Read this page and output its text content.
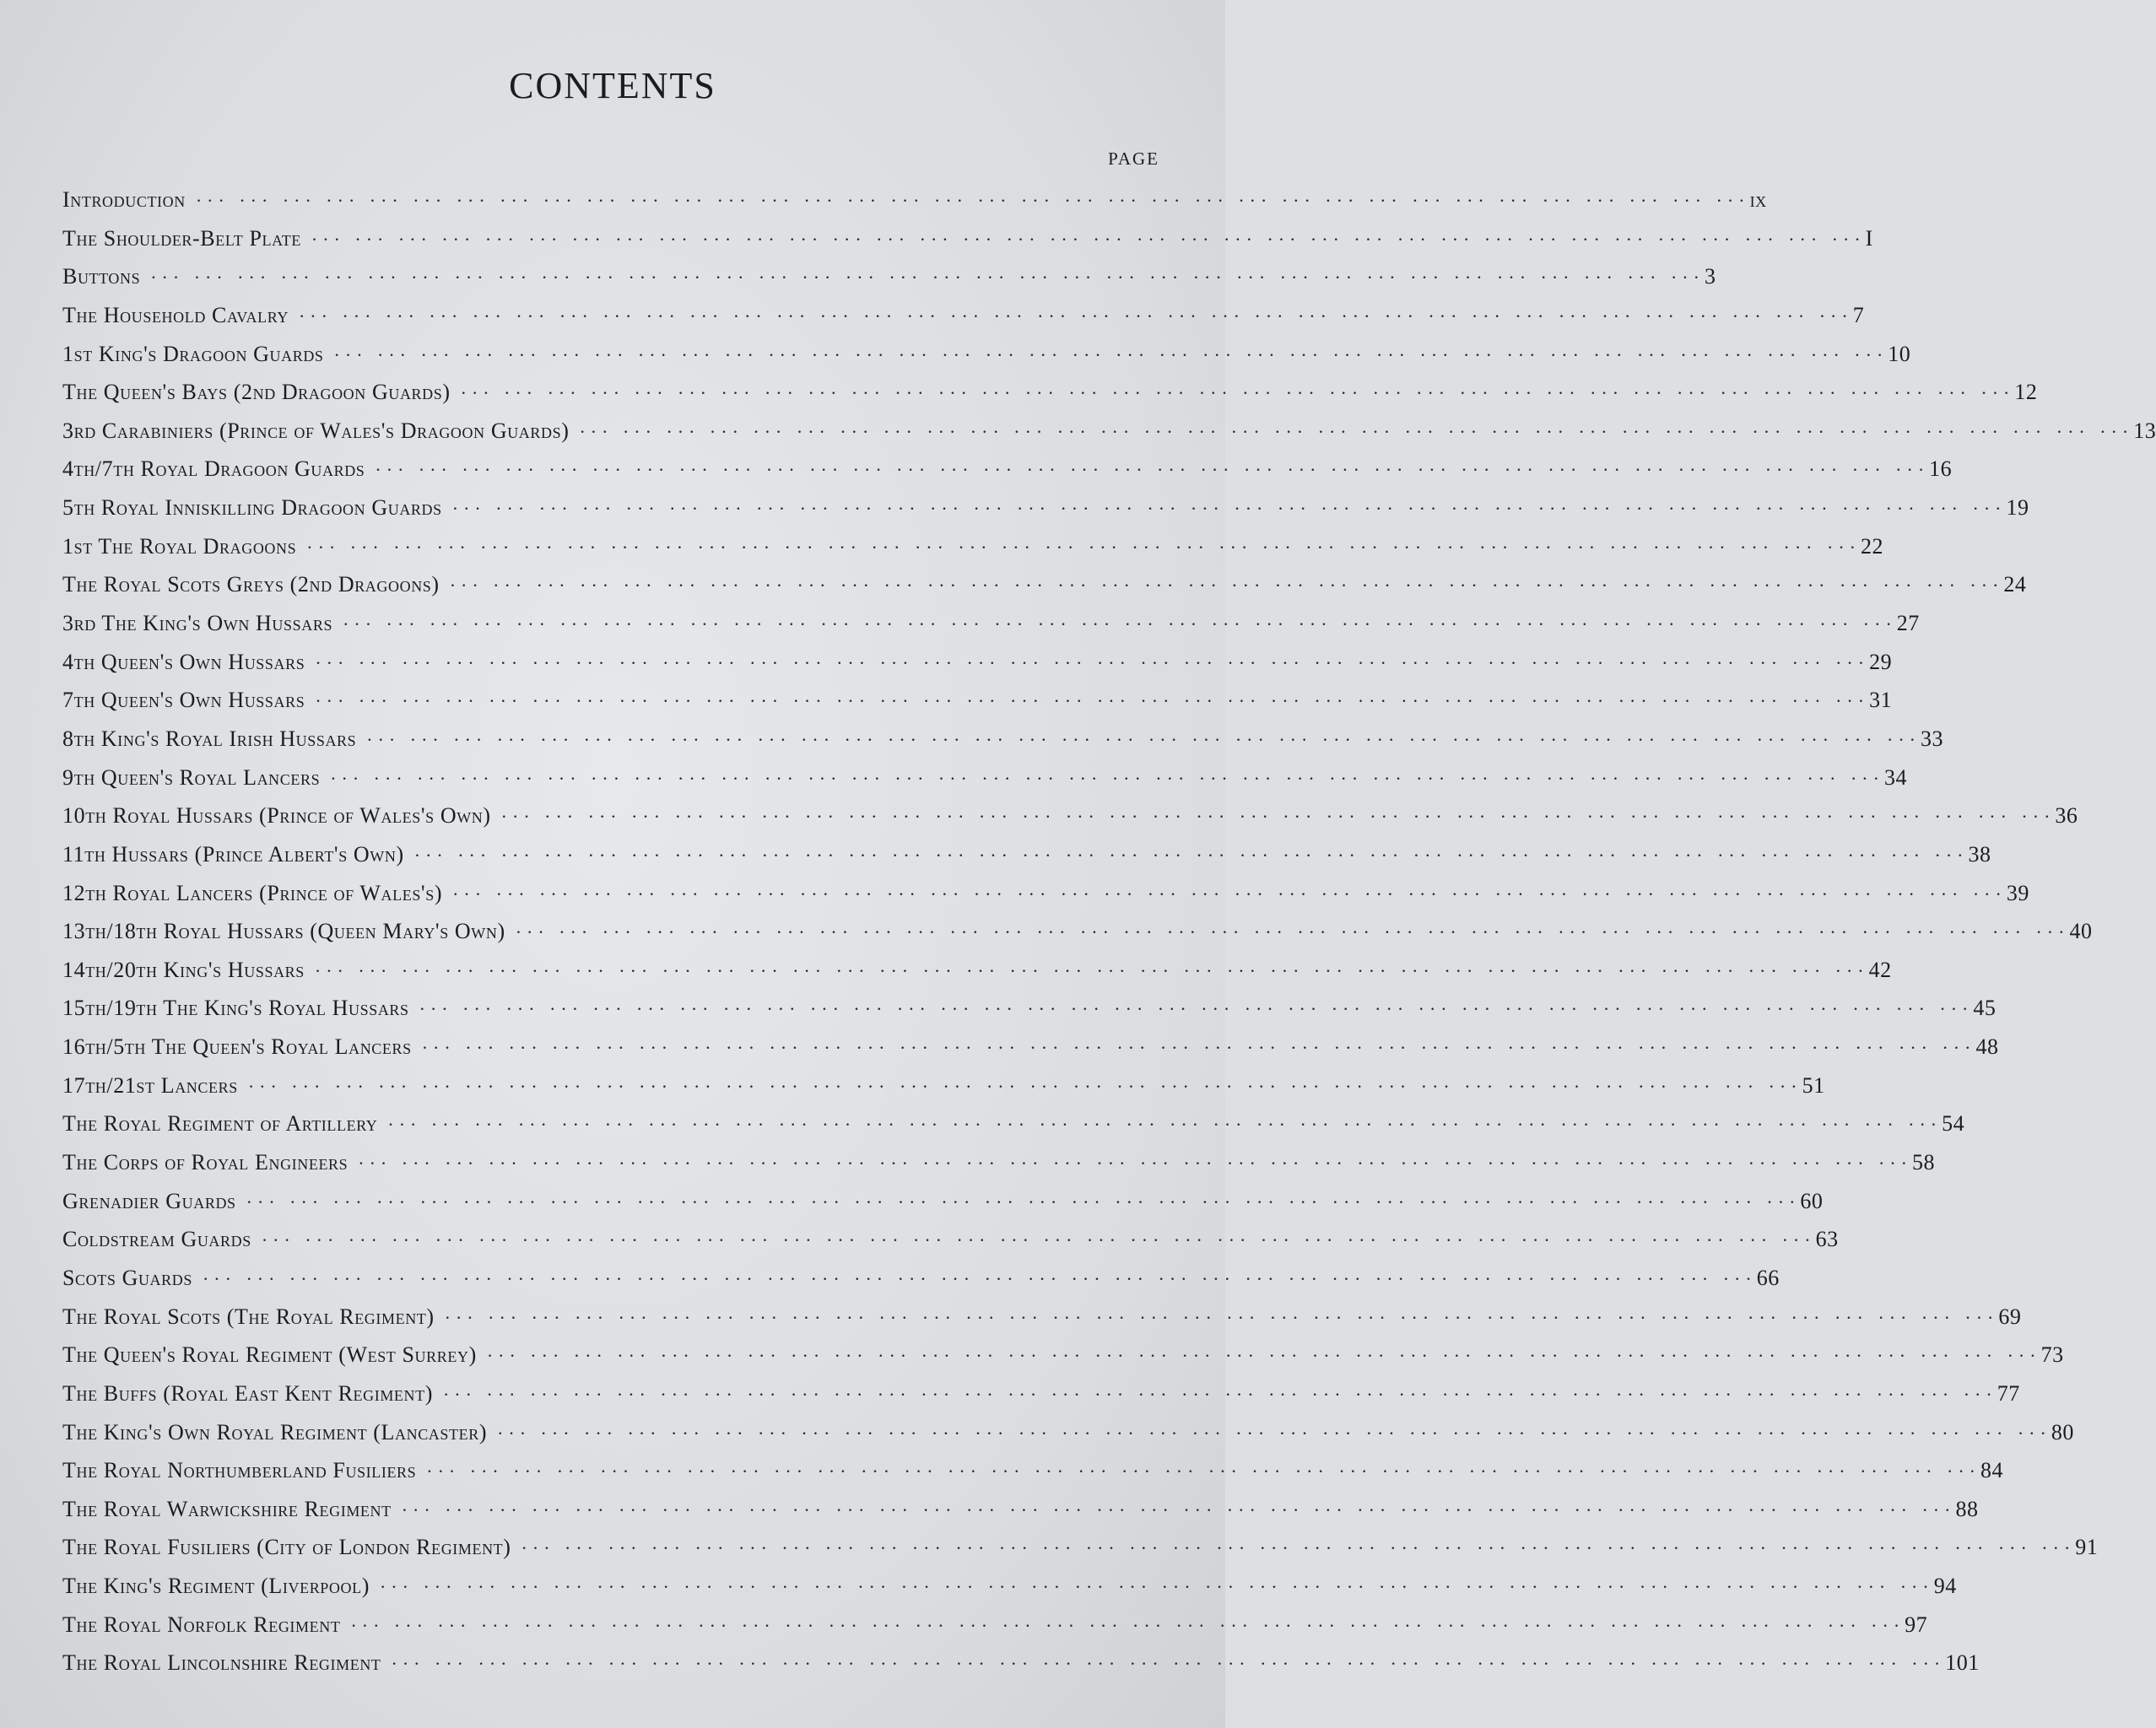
CONTENTS
PAGE
Introduction ··· ··· ··· ··· ··· ··· ··· ··· ··· ··· ··· ··· ··· ··· ··· ··· ··· ··· ··· ··· ··· ··· ··· ··· ··· ··· ··· ··· ··· ··· ··· ··· ··· ··· ··· ··· ix
The Shoulder-Belt Plate ··· ··· ··· ··· ··· ··· ··· ··· ··· ··· ··· ··· ··· ··· ··· ··· ··· ··· ··· ··· ··· ··· ··· ··· ··· ··· ··· ··· ··· ··· ··· ··· ··· ··· ··· ··· I
Buttons ··· ··· ··· ··· ··· ··· ··· ··· ··· ··· ··· ··· ··· ··· ··· ··· ··· ··· ··· ··· ··· ··· ··· ··· ··· ··· ··· ··· ··· ··· ··· ··· ··· ··· ··· ··· 3
The Household Cavalry ··· ··· ··· ··· ··· ··· ··· ··· ··· ··· ··· ··· ··· ··· ··· ··· ··· ··· ··· ··· ··· ··· ··· ··· ··· ··· ··· ··· ··· ··· ··· ··· ··· ··· ··· ··· 7
1st King's Dragoon Guards ··· ··· ··· ··· ··· ··· ··· ··· ··· ··· ··· ··· ··· ··· ··· ··· ··· ··· ··· ··· ··· ··· ··· ··· ··· ··· ··· ··· ··· ··· ··· ··· ··· ··· ··· ··· 10
The Queen's Bays (2nd Dragoon Guards) ··· ··· ··· ··· ··· ··· ··· ··· ··· ··· ··· ··· ··· ··· ··· ··· ··· ··· ··· ··· ··· ··· ··· ··· ··· ··· ··· ··· ··· ··· ··· ··· ··· ··· ··· ··· 12
3rd Carabiniers (Prince of Wales's Dragoon Guards) ··· ··· ··· ··· ··· ··· ··· ··· ··· ··· ··· ··· ··· ··· ··· ··· ··· ··· ··· ··· ··· ··· ··· ··· ··· ··· ··· ··· ··· ··· ··· ··· ··· ··· ··· ··· 13
4th/7th Royal Dragoon Guards ··· ··· ··· ··· ··· ··· ··· ··· ··· ··· ··· ··· ··· ··· ··· ··· ··· ··· ··· ··· ··· ··· ··· ··· ··· ··· ··· ··· ··· ··· ··· ··· ··· ··· ··· ··· 16
5th Royal Inniskilling Dragoon Guards ··· ··· ··· ··· ··· ··· ··· ··· ··· ··· ··· ··· ··· ··· ··· ··· ··· ··· ··· ··· ··· ··· ··· ··· ··· ··· ··· ··· ··· ··· ··· ··· ··· ··· ··· ··· 19
1st The Royal Dragoons ··· ··· ··· ··· ··· ··· ··· ··· ··· ··· ··· ··· ··· ··· ··· ··· ··· ··· ··· ··· ··· ··· ··· ··· ··· ··· ··· ··· ··· ··· ··· ··· ··· ··· ··· ··· 22
The Royal Scots Greys (2nd Dragoons) ··· ··· ··· ··· ··· ··· ··· ··· ··· ··· ··· ··· ··· ··· ··· ··· ··· ··· ··· ··· ··· ··· ··· ··· ··· ··· ··· ··· ··· ··· ··· ··· ··· ··· ··· ··· 24
3rd The King's Own Hussars ··· ··· ··· ··· ··· ··· ··· ··· ··· ··· ··· ··· ··· ··· ··· ··· ··· ··· ··· ··· ··· ··· ··· ··· ··· ··· ··· ··· ··· ··· ··· ··· ··· ··· ··· ··· 27
4th Queen's Own Hussars ··· ··· ··· ··· ··· ··· ··· ··· ··· ··· ··· ··· ··· ··· ··· ··· ··· ··· ··· ··· ··· ··· ··· ··· ··· ··· ··· ··· ··· ··· ··· ··· ··· ··· ··· ··· 29
7th Queen's Own Hussars ··· ··· ··· ··· ··· ··· ··· ··· ··· ··· ··· ··· ··· ··· ··· ··· ··· ··· ··· ··· ··· ··· ··· ··· ··· ··· ··· ··· ··· ··· ··· ··· ··· ··· ··· ··· 31
8th King's Royal Irish Hussars ··· ··· ··· ··· ··· ··· ··· ··· ··· ··· ··· ··· ··· ··· ··· ··· ··· ··· ··· ··· ··· ··· ··· ··· ··· ··· ··· ··· ··· ··· ··· ··· ··· ··· ··· ··· 33
9th Queen's Royal Lancers ··· ··· ··· ··· ··· ··· ··· ··· ··· ··· ··· ··· ··· ··· ··· ··· ··· ··· ··· ··· ··· ··· ··· ··· ··· ··· ··· ··· ··· ··· ··· ··· ··· ··· ··· ··· 34
10th Royal Hussars (Prince of Wales's Own) ··· ··· ··· ··· ··· ··· ··· ··· ··· ··· ··· ··· ··· ··· ··· ··· ··· ··· ··· ··· ··· ··· ··· ··· ··· ··· ··· ··· ··· ··· ··· ··· ··· ··· ··· ··· 36
11th Hussars (Prince Albert's Own) ··· ··· ··· ··· ··· ··· ··· ··· ··· ··· ··· ··· ··· ··· ··· ··· ··· ··· ··· ··· ··· ··· ··· ··· ··· ··· ··· ··· ··· ··· ··· ··· ··· ··· ··· ··· 38
12th Royal Lancers (Prince of Wales's) ··· ··· ··· ··· ··· ··· ··· ··· ··· ··· ··· ··· ··· ··· ··· ··· ··· ··· ··· ··· ··· ··· ··· ··· ··· ··· ··· ··· ··· ··· ··· ··· ··· ··· ··· ··· 39
13th/18th Royal Hussars (Queen Mary's Own) ··· ··· ··· ··· ··· ··· ··· ··· ··· ··· ··· ··· ··· ··· ··· ··· ··· ··· ··· ··· ··· ··· ··· ··· ··· ··· ··· ··· ··· ··· ··· ··· ··· ··· ··· ··· 40
14th/20th King's Hussars ··· ··· ··· ··· ··· ··· ··· ··· ··· ··· ··· ··· ··· ··· ··· ··· ··· ··· ··· ··· ··· ··· ··· ··· ··· ··· ··· ··· ··· ··· ··· ··· ··· ··· ··· ··· 42
15th/19th The King's Royal Hussars ··· ··· ··· ··· ··· ··· ··· ··· ··· ··· ··· ··· ··· ··· ··· ··· ··· ··· ··· ··· ··· ··· ··· ··· ··· ··· ··· ··· ··· ··· ··· ··· ··· ··· ··· ··· 45
16th/5th The Queen's Royal Lancers ··· ··· ··· ··· ··· ··· ··· ··· ··· ··· ··· ··· ··· ··· ··· ··· ··· ··· ··· ··· ··· ··· ··· ··· ··· ··· ··· ··· ··· ··· ··· ··· ··· ··· ··· ··· 48
17th/21st Lancers ··· ··· ··· ··· ··· ··· ··· ··· ··· ··· ··· ··· ··· ··· ··· ··· ··· ··· ··· ··· ··· ··· ··· ··· ··· ··· ··· ··· ··· ··· ··· ··· ··· ··· ··· ··· 51
The Royal Regiment of Artillery ··· ··· ··· ··· ··· ··· ··· ··· ··· ··· ··· ··· ··· ··· ··· ··· ··· ··· ··· ··· ··· ··· ··· ··· ··· ··· ··· ··· ··· ··· ··· ··· ··· ··· ··· ··· 54
The Corps of Royal Engineers ··· ··· ··· ··· ··· ··· ··· ··· ··· ··· ··· ··· ··· ··· ··· ··· ··· ··· ··· ··· ··· ··· ··· ··· ··· ··· ··· ··· ··· ··· ··· ··· ··· ··· ··· ··· 58
Grenadier Guards ··· ··· ··· ··· ··· ··· ··· ··· ··· ··· ··· ··· ··· ··· ··· ··· ··· ··· ··· ··· ··· ··· ··· ··· ··· ··· ··· ··· ··· ··· ··· ··· ··· ··· ··· ··· 60
Coldstream Guards ··· ··· ··· ··· ··· ··· ··· ··· ··· ··· ··· ··· ··· ··· ··· ··· ··· ··· ··· ··· ··· ··· ··· ··· ··· ··· ··· ··· ··· ··· ··· ··· ··· ··· ··· ··· 63
Scots Guards ··· ··· ··· ··· ··· ··· ··· ··· ··· ··· ··· ··· ··· ··· ··· ··· ··· ··· ··· ··· ··· ··· ··· ··· ··· ··· ··· ··· ··· ··· ··· ··· ··· ··· ··· ··· 66
The Royal Scots (The Royal Regiment) ··· ··· ··· ··· ··· ··· ··· ··· ··· ··· ··· ··· ··· ··· ··· ··· ··· ··· ··· ··· ··· ··· ··· ··· ··· ··· ··· ··· ··· ··· ··· ··· ··· ··· ··· ··· 69
The Queen's Royal Regiment (West Surrey) ··· ··· ··· ··· ··· ··· ··· ··· ··· ··· ··· ··· ··· ··· ··· ··· ··· ··· ··· ··· ··· ··· ··· ··· ··· ··· ··· ··· ··· ··· ··· ··· ··· ··· ··· ··· 73
The Buffs (Royal East Kent Regiment) ··· ··· ··· ··· ··· ··· ··· ··· ··· ··· ··· ··· ··· ··· ··· ··· ··· ··· ··· ··· ··· ··· ··· ··· ··· ··· ··· ··· ··· ··· ··· ··· ··· ··· ··· ··· 77
The King's Own Royal Regiment (Lancaster) ··· ··· ··· ··· ··· ··· ··· ··· ··· ··· ··· ··· ··· ··· ··· ··· ··· ··· ··· ··· ··· ··· ··· ··· ··· ··· ··· ··· ··· ··· ··· ··· ··· ··· ··· ··· 80
The Royal Northumberland Fusiliers ··· ··· ··· ··· ··· ··· ··· ··· ··· ··· ··· ··· ··· ··· ··· ··· ··· ··· ··· ··· ··· ··· ··· ··· ··· ··· ··· ··· ··· ··· ··· ··· ··· ··· ··· ··· 84
The Royal Warwickshire Regiment ··· ··· ··· ··· ··· ··· ··· ··· ··· ··· ··· ··· ··· ··· ··· ··· ··· ··· ··· ··· ··· ··· ··· ··· ··· ··· ··· ··· ··· ··· ··· ··· ··· ··· ··· ··· 88
The Royal Fusiliers (City of London Regiment) ··· ··· ··· ··· ··· ··· ··· ··· ··· ··· ··· ··· ··· ··· ··· ··· ··· ··· ··· ··· ··· ··· ··· ··· ··· ··· ··· ··· ··· ··· ··· ··· ··· ··· ··· ··· 91
The King's Regiment (Liverpool) ··· ··· ··· ··· ··· ··· ··· ··· ··· ··· ··· ··· ··· ··· ··· ··· ··· ··· ··· ··· ··· ··· ··· ··· ··· ··· ··· ··· ··· ··· ··· ··· ··· ··· ··· ··· 94
The Royal Norfolk Regiment ··· ··· ··· ··· ··· ··· ··· ··· ··· ··· ··· ··· ··· ··· ··· ··· ··· ··· ··· ··· ··· ··· ··· ··· ··· ··· ··· ··· ··· ··· ··· ··· ··· ··· ··· ··· 97
The Royal Lincolnshire Regiment ··· ··· ··· ··· ··· ··· ··· ··· ··· ··· ··· ··· ··· ··· ··· ··· ··· ··· ··· ··· ··· ··· ··· ··· ··· ··· ··· ··· ··· ··· ··· ··· ··· ··· ··· ··· 101
